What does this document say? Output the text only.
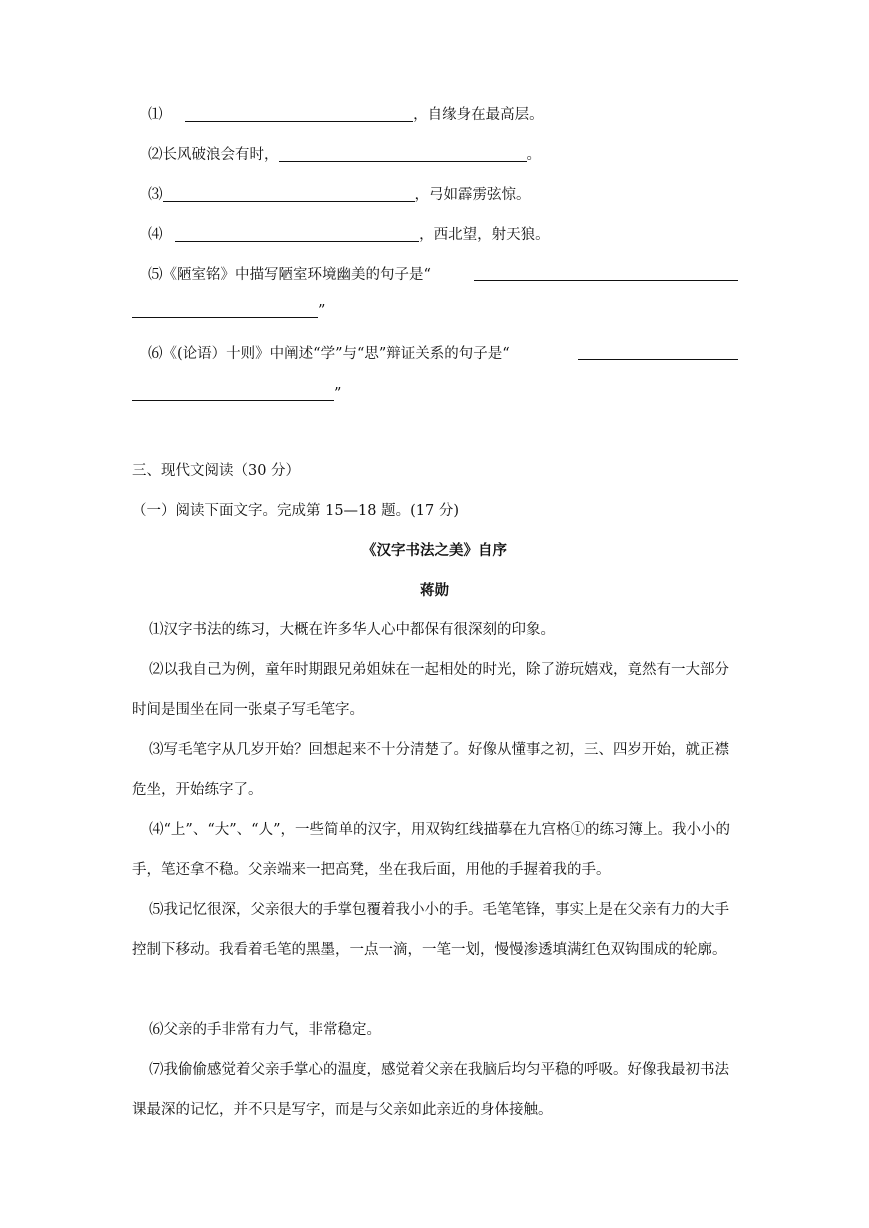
⑴	，自缘身在最高层。
⑵长风破浪会有时，	。
⑶	，弓如霹雳弦惊。
⑷	，西北望，射天狼。
⑸《陋室铭》中描写陋室环境幽美的句子是“
”
⑹《(论语）十则》中阐述“学”与“思”辩证关系的句子是“
”
三、现代文阅读（30 分）
（一）阅读下面文字。完成第 15—18 题。(17 分)
《汉字书法之美》自序
蒋勋
⑴汉字书法的练习，大概在许多华人心中都保有很深刻的印象。
⑵以我自己为例，童年时期跟兄弟姐妹在一起相处的时光，除了游玩嬉戏，竟然有一大部分时间是围坐在同一张桌子写毛笔字。
⑶写毛笔字从几岁开始？回想起来不十分清楚了。好像从懂事之初，三、四岁开始，就正襟危坐，开始练字了。
⑷“上”、“大”、“人”，一些简单的汉字，用双钩红线描摹在九宫格①的练习簿上。我小小的手，笔还拿不稳。父亲端来一把高凳，坐在我后面，用他的手握着我的手。
⑸我记忆很深，父亲很大的手掌包覆着我小小的手。毛笔笔锋，事实上是在父亲有力的大手控制下移动。我看着毛笔的黑墨，一点一滴，一笔一划，慢慢渗透填满红色双钩围成的轮廓。
⑹父亲的手非常有力气，非常稳定。
⑺我偷偷感觉着父亲手掌心的温度，感觉着父亲在我脑后均匀平稳的呼吸。好像我最初书法课最深的记忆，并不只是写字，而是与父亲如此亲近的身体接触。
